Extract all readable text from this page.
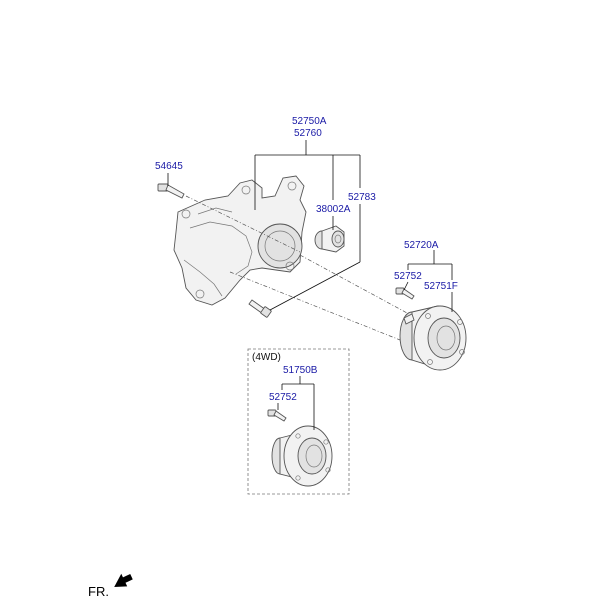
52750A
52760
54645
38002A
52783
52720A
52752
52751F
(4WD)
51750B
52752
FR.
